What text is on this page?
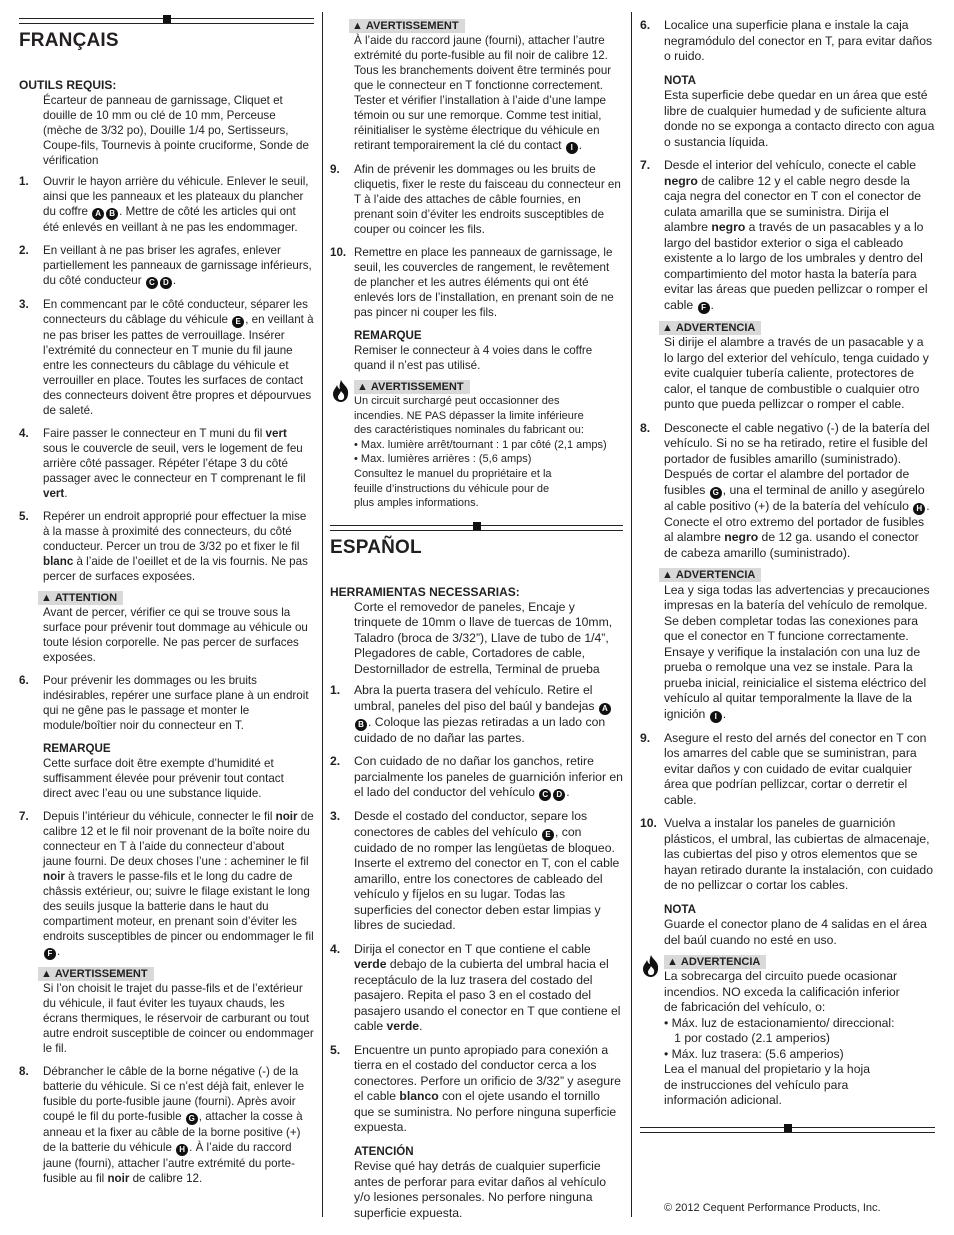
FRANÇAIS
OUTILS REQUIS:
Écarteur de panneau de garnissage, Cliquet et douille de 10 mm ou clé de 10 mm, Perceuse (mèche de 3/32 po), Douille 1/4 po, Sertisseurs, Coupe-fils, Tournevis à pointe cruciforme, Sonde de vérification
1. Ouvrir le hayon arrière du véhicule. Enlever le seuil, ainsi que les panneaux et les plateaux du plancher du coffre A B . Mettre de côté les articles qui ont été enlevés en veillant à ne pas les endommager.
2. En veillant à ne pas briser les agrafes, enlever partiellement les panneaux de garnissage inférieurs, du côté conducteur C D .
3. En commencant par le côté conducteur, séparer les connecteurs du câblage du véhicule E , en veillant à ne pas briser les pattes de verrouillage. Insérer l’extrémité du connecteur en T munie du fil jaune entre les connecteurs du câblage du véhicule et verrouiller en place. Toutes les surfaces de contact des connecteurs doivent être propres et dépourvues de saleté.
4. Faire passer le connecteur en T muni du fil vert sous le couvercle de seuil, vers le logement de feu arrière côté passager. Répéter l’étape 3 du côté passager avec le connecteur en T comprenant le fil vert.
5. Repérer un endroit approprié pour effectuer la mise à la masse à proximité des connecteurs, du côté conducteur. Percer un trou de 3/32 po et fixer le fil blanc à l’aide de l’oeillet et de la vis fournis. Ne pas percer de surfaces exposées.
▲ ATTENTION
Avant de percer, vérifier ce qui se trouve sous la surface pour prévenir tout dommage au véhicule ou toute lésion corporelle. Ne pas percer de surfaces exposées.
6. Pour prévenir les dommages ou les bruits indésirables, repérer une surface plane à un endroit qui ne gêne pas le passage et monter le module/boîtier noir du connecteur en T.
REMARQUE
Cette surface doit être exempte d’humidité et suffisamment élevée pour prévenir tout contact direct avec l’eau ou une substance liquide.
7. Depuis l’intérieur du véhicule, connecter le fil noir de calibre 12 et le fil noir provenant de la boîte noire du connecteur en T à l’aide du connecteur d’about jaune fourni. De deux choses l’une : acheminer le fil noir à travers le passe-fils et le long du cadre de châssis extérieur, ou; suivre le filage existant le long des seuils jusque la batterie dans le haut du compartiment moteur, en prenant soin d’éviter les endroits susceptibles de pincer ou endommager le fil F .
▲ AVERTISSEMENT
Si l’on choisit le trajet du passe-fils et de l’extérieur du véhicule, il faut éviter les tuyaux chauds, les écrans thermiques, le réservoir de carburant ou tout autre endroit susceptible de coincer ou endommager le fil.
8. Débrancher le câble de la borne négative (-) de la batterie du véhicule. Si ce n’est déjà fait, enlever le fusible du porte-fusible jaune (fourni). Après avoir coupé le fil du porte-fusible G , attacher la cosse à anneau et la fixer au câble de la borne positive (+) de la batterie du véhicule H . À l’aide du raccord jaune (fourni), attacher l’autre extrémité du porte-fusible au fil noir de calibre 12.
▲ AVERTISSEMENT
À l’aide du raccord jaune (fourni), attacher l’autre extrémité du porte-fusible au fil noir de calibre 12. Tous les branchements doivent être terminés pour que le connecteur en T fonctionne correctement. Tester et vérifier l’installation à l’aide d’une lampe témoin ou sur une remorque. Comme test initial, réinitialiser le système électrique du véhicule en retirant temporairement la clé du contact I .
9. Afin de prévenir les dommages ou les bruits de cliquetis, fixer le reste du faisceau du connecteur en T à l’aide des attaches de câble fournies, en prenant soin d’éviter les endroits susceptibles de couper ou coincer les fils.
10. Remettre en place les panneaux de garnissage, le seuil, les couvercles de rangement, le revêtement de plancher et les autres éléments qui ont été enlevés lors de l’installation, en prenant soin de ne pas pincer ni couper les fils.
REMARQUE
Remiser le connecteur à 4 voies dans le coffre quand il n’est pas utilisé.
▲ AVERTISSEMENT
Un circuit surchargé peut occasionner des
incendies. NE PAS dépasser la limite inférieure
des caractéristiques nominales du fabricant ou:
• Max. lumière arrêt/tournant : 1 par côté (2,1 amps)
• Max. lumières arrières : (5,6 amps)
Consultez le manuel du propriétaire et la
feuille d’instructions du véhicule pour de
plus amples informations.
ESPAÑOL
HERRAMIENTAS NECESSARIAS:
Corte el removedor de paneles, Encaje y trinquete de 10mm o llave de tuercas de 10mm, Taladro (broca de 3/32”), Llave de tubo de 1/4”, Plegadores de cable, Cortadores de cable, Destornillador de estrella, Terminal de prueba
1. Abra la puerta trasera del vehículo. Retire el umbral, paneles del piso del baúl y bandejas AB . Coloque las piezas retiradas a un lado con cuidado de no dañar las partes.
2. Con cuidado de no dañar los ganchos, retire parcialmente los paneles de guarnición inferior en el lado del conductor del vehículo C D .
3. Desde el costado del conductor, separe los conectores de cables del vehículo E , con cuidado de no romper las lengüetas de bloqueo. Inserte el extremo del conector en T, con el cable amarillo, entre los conectores de cableado del vehículo y fíjelos en su lugar. Todas las superficies del conector deben estar limpias y libres de suciedad.
4. Dirija el conector en T que contiene el cable verde debajo de la cubierta del umbral hacia el receptáculo de la luz trasera del costado del pasajero. Repita el paso 3 en el costado del pasajero usando el conector en T que contiene el cable verde.
5. Encuentre un punto apropiado para conexión a tierra en el costado del conductor cerca a los conectores. Perfore un orificio de 3/32” y asegure el cable blanco con el ojete usando el tornillo que se suministra. No perfore ninguna superficie expuesta.
ATENCIÓN
Revise qué hay detrás de cualquier superficie antes de perforar para evitar daños al vehículo y/o lesiones personales. No perfore ninguna superficie expuesta.
6. Localice una superficie plana e instale la caja negramódulo del conector en T, para evitar daños o ruido.
NOTA
Esta superficie debe quedar en un área que esté libre de cualquier humedad y de suficiente altura donde no se exponga a contacto directo con agua o sustancia líquida.
7. Desde el interior del vehículo, conecte el cable negro de calibre 12 y el cable negro desde la caja negra del conector en T con el conector de culata amarilla que se suministra. Dirija el alambre negro a través de un pasacables y a lo largo del bastidor exterior o siga el cableado existente a lo largo de los umbrales y dentro del compartimiento del motor hasta la batería para evitar las áreas que pueden pellizcar o romper el cable F .
▲ ADVERTENCIA
Si dirije el alambre a través de un pasacable y a lo largo del exterior del vehículo, tenga cuidado y evite cualquier tubería caliente, protectores de calor, el tanque de combustible o cualquier otro punto que pueda pellizcar o romper el cable.
8. Desconecte el cable negativo (-) de la batería del vehículo. Si no se ha retirado, retire el fusible del portador de fusibles amarillo (suministrado). Después de cortar el alambre del portador de fusibles G , una el terminal de anillo y asegúrelo al cable positivo (+) de la batería del vehículo H . Conecte el otro extremo del portador de fusibles al alambre negro de 12 ga. usando el conector de cabeza amarillo (suministrado).
▲ ADVERTENCIA
Lea y siga todas las advertencias y precauciones impresas en la batería del vehículo de remolque. Se deben completar todas las conexiones para que el conector en T funcione correctamente. Ensaye y verifique la instalación con una luz de prueba o remolque una vez se instale. Para la prueba inicial, reinicialice el sistema eléctrico del vehículo al quitar temporalmente la llave de la ignición I .
9. Asegure el resto del arnés del conector en T con los amarres del cable que se suministran, para evitar daños y con cuidado de evitar cualquier área que podrían pellizcar, cortar o derretir el cable.
10. Vuelva a instalar los paneles de guarnición plásticos, el umbral, las cubiertas de almacenaje, las cubiertas del piso y otros elementos que se hayan retirado durante la instalación, con cuidado de no pellizcar o cortar los cables.
NOTA
Guarde el conector plano de 4 salidas en el área del baúl cuando no esté en uso.
▲ ADVERTENCIA
La sobrecarga del circuito puede ocasionar
incendios. NO exceda la calificación inferior
de fabricación del vehículo, o:
• Máx. luz de estacionamiento/ direccional:
1 por costado (2.1 amperios)
• Máx. luz trasera: (5.6 amperios)
Lea el manual del propietario y la hoja
de instrucciones del vehículo para
información adicional.
© 2012 Cequent Performance Products, Inc.
